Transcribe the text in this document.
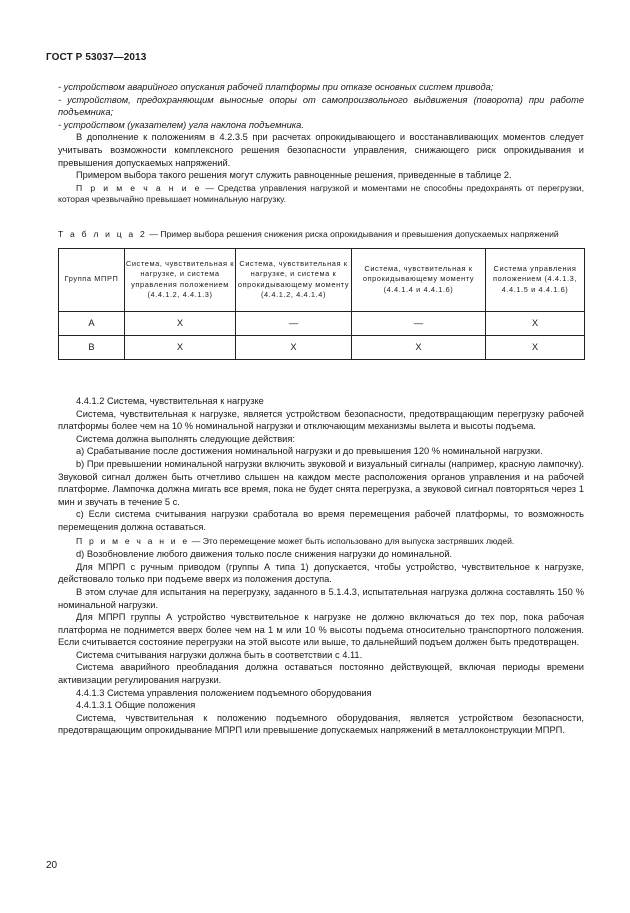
ГОСТ Р 53037—2013

- устройством аварийного опускания рабочей платформы при отказе основных систем привода;

- устройством, предохраняющим выносные опоры от самопроизвольного выдвижения (поворота) при работе подъемника;

- устройством (указателем) угла наклона подъемника.

В дополнение к положениям в 4.2.3.5 при расчетах опрокидывающего и восстанавливающих моментов следует учитывать возможности комплексного решения безопасности управления, снижающего риск опрокидывания и превышения допускаемых напряжений.

Примером выбора такого решения могут служить равноценные решения, приведенные в таблице 2.

П р и м е ч а н и е — Средства управления нагрузкой и моментами не способны предохранять от перегрузки, которая чрезвычайно превышает номинальную нагрузку.

Т а б л и ц а 2 — Пример выбора решения снижения риска опрокидывания и превышения допускаемых напряжений

Группа МПРП	Система, чувствительная к нагрузке, и система управления положением (4.4.1.2, 4.4.1.3)	Система, чувствительная к нагрузке, и система к опрокидывающему моменту (4.4.1.2, 4.4.1.4)	Система, чувствительная к опрокидывающему моменту (4.4.1.4 и 4.4.1.6)	Система управления положением (4.4.1.3, 4.4.1.5 и 4.4.1.6)
А	X	—	—	X
В	X	X	X	X

4.4.1.2 Система, чувствительная к нагрузке

Система, чувствительная к нагрузке, является устройством безопасности, предотвращающим перегрузку рабочей платформы более чем на 10 % номинальной нагрузки и отключающим механизмы вылета и высоты подъема.

Система должна выполнять следующие действия:

а) Срабатывание после достижения номинальной нагрузки и до превышения 120 % номинальной нагрузки.

b) При превышении номинальной нагрузки включить звуковой и визуальный сигналы (например, красную лампочку). Звуковой сигнал должен быть отчетливо слышен на каждом месте расположения органов управления и на рабочей платформе. Лампочка должна мигать все время, пока не будет снята перегрузка, а звуковой сигнал повторяться через 1 мин и звучать в течение 5 с.

с) Если система считывания нагрузки сработала во время перемещения рабочей платформы, то возможность перемещения должна оставаться.

П р и м е ч а н и е — Это перемещение может быть использовано для выпуска застрявших людей.

d) Возобновление любого движения только после снижения нагрузки до номинальной.

Для МПРП с ручным приводом (группы А типа 1) допускается, чтобы устройство, чувствительное к нагрузке, действовало только при подъеме вверх из положения доступа.

В этом случае для испытания на перегрузку, заданного в 5.1.4.3, испытательная нагрузка должна составлять 150 % номинальной нагрузки.

Для МПРП группы А устройство чувствительное к нагрузке не должно включаться до тех пор, пока рабочая платформа не поднимется вверх более чем на 1 м или 10 % высоты подъема относительно транспортного положения. Если считывается состояние перегрузки на этой высоте или выше, то дальнейший подъем должен быть предотвращен.

Система считывания нагрузки должна быть в соответствии с 4.11.

Система аварийного преобладания должна оставаться постоянно действующей, включая периоды времени активизации регулирования нагрузки.

4.4.1.3 Система управления положением подъемного оборудования

4.4.1.3.1 Общие положения

Система, чувствительная к положению подъемного оборудования, является устройством безопасности, предотвращающим опрокидывание МПРП или превышение допускаемых напряжений в металлоконструкции МПРП.

20
